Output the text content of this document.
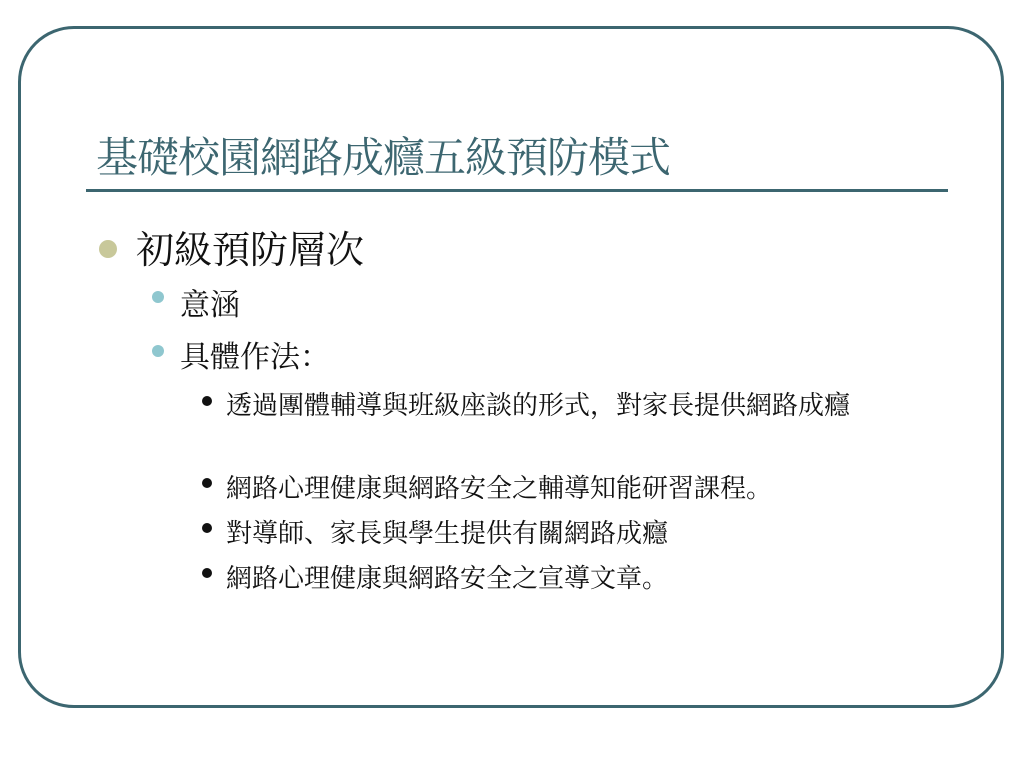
基礎校園網路成癮五級預防模式
初級預防層次
意涵
具體作法：
透過團體輔導與班級座談的形式，對家長提供網路成癮
網路心理健康與網路安全之輔導知能研習課程。
對導師、家長與學生提供有關網路成癮
網路心理健康與網路安全之宣導文章。
